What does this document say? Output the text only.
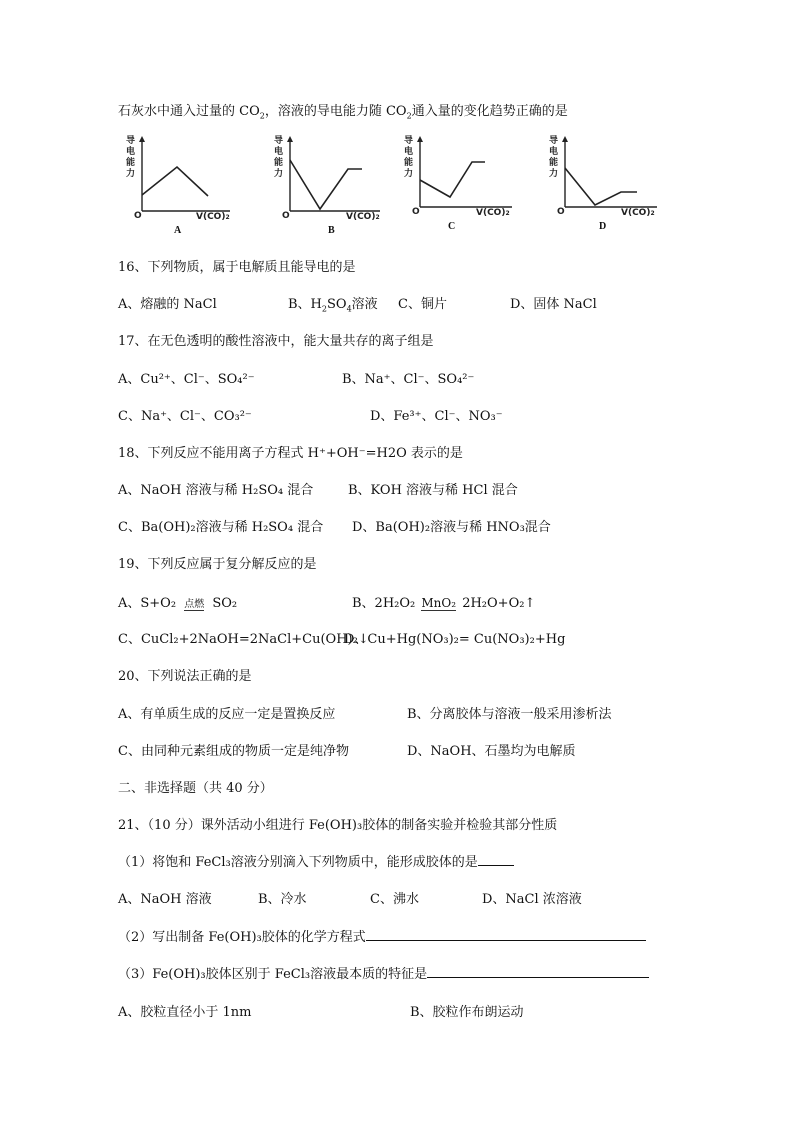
石灰水中通入过量的 $CO_2$，溶液的导电能力随 $CO_2$通入量的变化趋势正确的是
导
电
能
力
O	V(CO)2
A
导
电
能
力
O	V(CO)2
B
导
电
能
力
O	V(CO)2
C
导
电
能
力
O	V(CO)2
D
16、下列物质，属于电解质且能导电的是
A、熔融的 NaCl	B、$H_2SO_4$溶液 C、铜片	D、固体 NaCl
17、在无色透明的酸性溶液中，能大量共存的离子组是
A、Cu²⁺、Cl⁻、SO₄²⁻	B、Na⁺、Cl⁻、SO₄²⁻
C、Na⁺、Cl⁻、CO₃²⁻	D、Fe³⁺、Cl⁻、NO₃⁻
18、下列反应不能用离子方程式 H⁺+OH⁻=H2O 表示的是
A、NaOH 溶液与稀 H₂SO₄ 混合	B、KOH 溶液与稀 HCl 混合
C、Ba(OH)₂溶液与稀 H₂SO₄ 混合 D、Ba(OH)₂溶液与稀 HNO₃混合
19、下列反应属于复分解反应的是
A、S+O₂ 点燃 SO₂	B、2H₂O₂ MnO₂ 2H₂O+O₂↑
C、CuCl₂+2NaOH=2NaCl+Cu(OH)₂↓
D、Cu+Hg(NO₃)₂= Cu(NO₃)₂+Hg
20、下列说法正确的是
A、有单质生成的反应一定是置换反应	B、分离胶体与溶液一般采用渗析法
C、由同种元素组成的物质一定是纯净物	D、NaOH、石墨均为电解质
二、非选择题（共 40 分）
21、（10 分）课外活动小组进行 Fe(OH)₃胶体的制备实验并检验其部分性质
（1）将饱和 FeCl₃溶液分别滴入下列物质中，能形成胶体的是
A、NaOH 溶液	B、冷水	C、沸水	D、NaCl 浓溶液
（2）写出制备 Fe(OH)₃胶体的化学方程式
（3）Fe(OH)₃胶体区别于 FeCl₃溶液最本质的特征是
A、胶粒直径小于 1nm	B、胶粒作布朗运动
